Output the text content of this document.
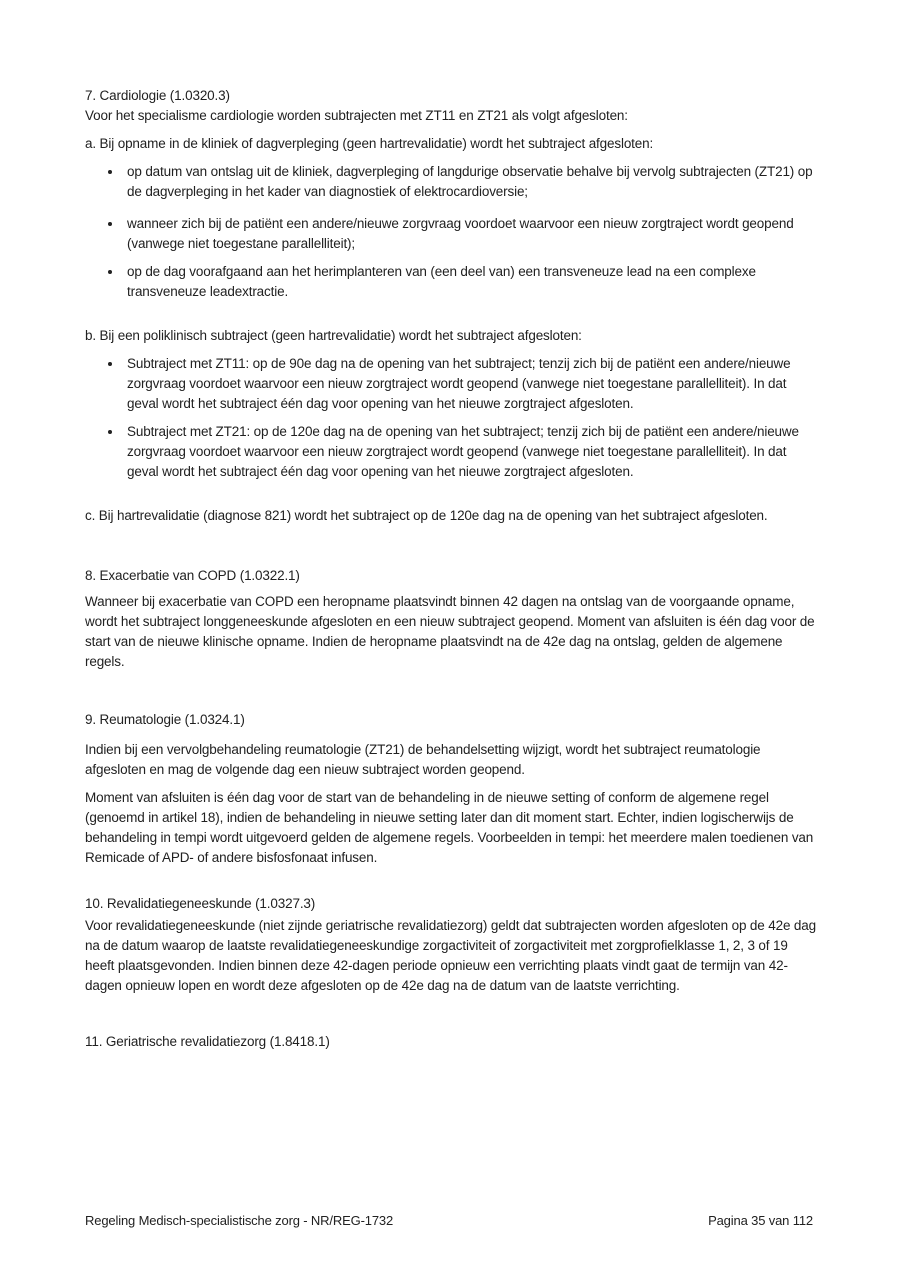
7. Cardiologie (1.0320.3)
Voor het specialisme cardiologie worden subtrajecten met ZT11 en ZT21 als volgt afgesloten:
a. Bij opname in de kliniek of dagverpleging (geen hartrevalidatie) wordt het subtraject afgesloten:
op datum van ontslag uit de kliniek, dagverpleging of langdurige observatie behalve bij vervolg subtrajecten (ZT21) op de dagverpleging in het kader van diagnostiek of elektrocardioversie;
wanneer zich bij de patiënt een andere/nieuwe zorgvraag voordoet waarvoor een nieuw zorgtraject wordt geopend (vanwege niet toegestane parallelliteit);
op de dag voorafgaand aan het herimplanteren van (een deel van) een transveneuze lead na een complexe transveneuze leadextractie.
b. Bij een poliklinisch subtraject (geen hartrevalidatie) wordt het subtraject afgesloten:
Subtraject met ZT11: op de 90e dag na de opening van het subtraject; tenzij zich bij de patiënt een andere/nieuwe zorgvraag voordoet waarvoor een nieuw zorgtraject wordt geopend (vanwege niet toegestane parallelliteit). In dat geval wordt het subtraject één dag voor opening van het nieuwe zorgtraject afgesloten.
Subtraject met ZT21: op de 120e dag na de opening van het subtraject; tenzij zich bij de patiënt een andere/nieuwe zorgvraag voordoet waarvoor een nieuw zorgtraject wordt geopend (vanwege niet toegestane parallelliteit). In dat geval wordt het subtraject één dag voor opening van het nieuwe zorgtraject afgesloten.
c. Bij hartrevalidatie (diagnose 821) wordt het subtraject op de 120e dag na de opening van het subtraject afgesloten.
8. Exacerbatie van COPD (1.0322.1)
Wanneer bij exacerbatie van COPD een heropname plaatsvindt binnen 42 dagen na ontslag van de voorgaande opname, wordt het subtraject longgeneeskunde afgesloten en een nieuw subtraject geopend. Moment van afsluiten is één dag voor de start van de nieuwe klinische opname. Indien de heropname plaatsvindt na de 42e dag na ontslag, gelden de algemene regels.
9. Reumatologie (1.0324.1)
Indien bij een vervolgbehandeling reumatologie (ZT21) de behandelsetting wijzigt, wordt het subtraject reumatologie afgesloten en mag de volgende dag een nieuw subtraject worden geopend.
Moment van afsluiten is één dag voor de start van de behandeling in de nieuwe setting of conform de algemene regel (genoemd in artikel 18), indien de behandeling in nieuwe setting later dan dit moment start. Echter, indien logischerwijs de behandeling in tempi wordt uitgevoerd gelden de algemene regels. Voorbeelden in tempi: het meerdere malen toedienen van Remicade of APD- of andere bisfosfonaat infusen.
10. Revalidatiegeneeskunde (1.0327.3)
Voor revalidatiegeneeskunde (niet zijnde geriatrische revalidatiezorg) geldt dat subtrajecten worden afgesloten op de 42e dag na de datum waarop de laatste revalidatiegeneeskundige zorgactiviteit of zorgactiviteit met zorgprofielklasse 1, 2, 3 of 19 heeft plaatsgevonden. Indien binnen deze 42-dagen periode opnieuw een verrichting plaats vindt gaat de termijn van 42-dagen opnieuw lopen en wordt deze afgesloten op de 42e dag na de datum van de laatste verrichting.
11. Geriatrische revalidatiezorg (1.8418.1)
Regeling Medisch-specialistische zorg - NR/REG-1732	Pagina 35 van 112
